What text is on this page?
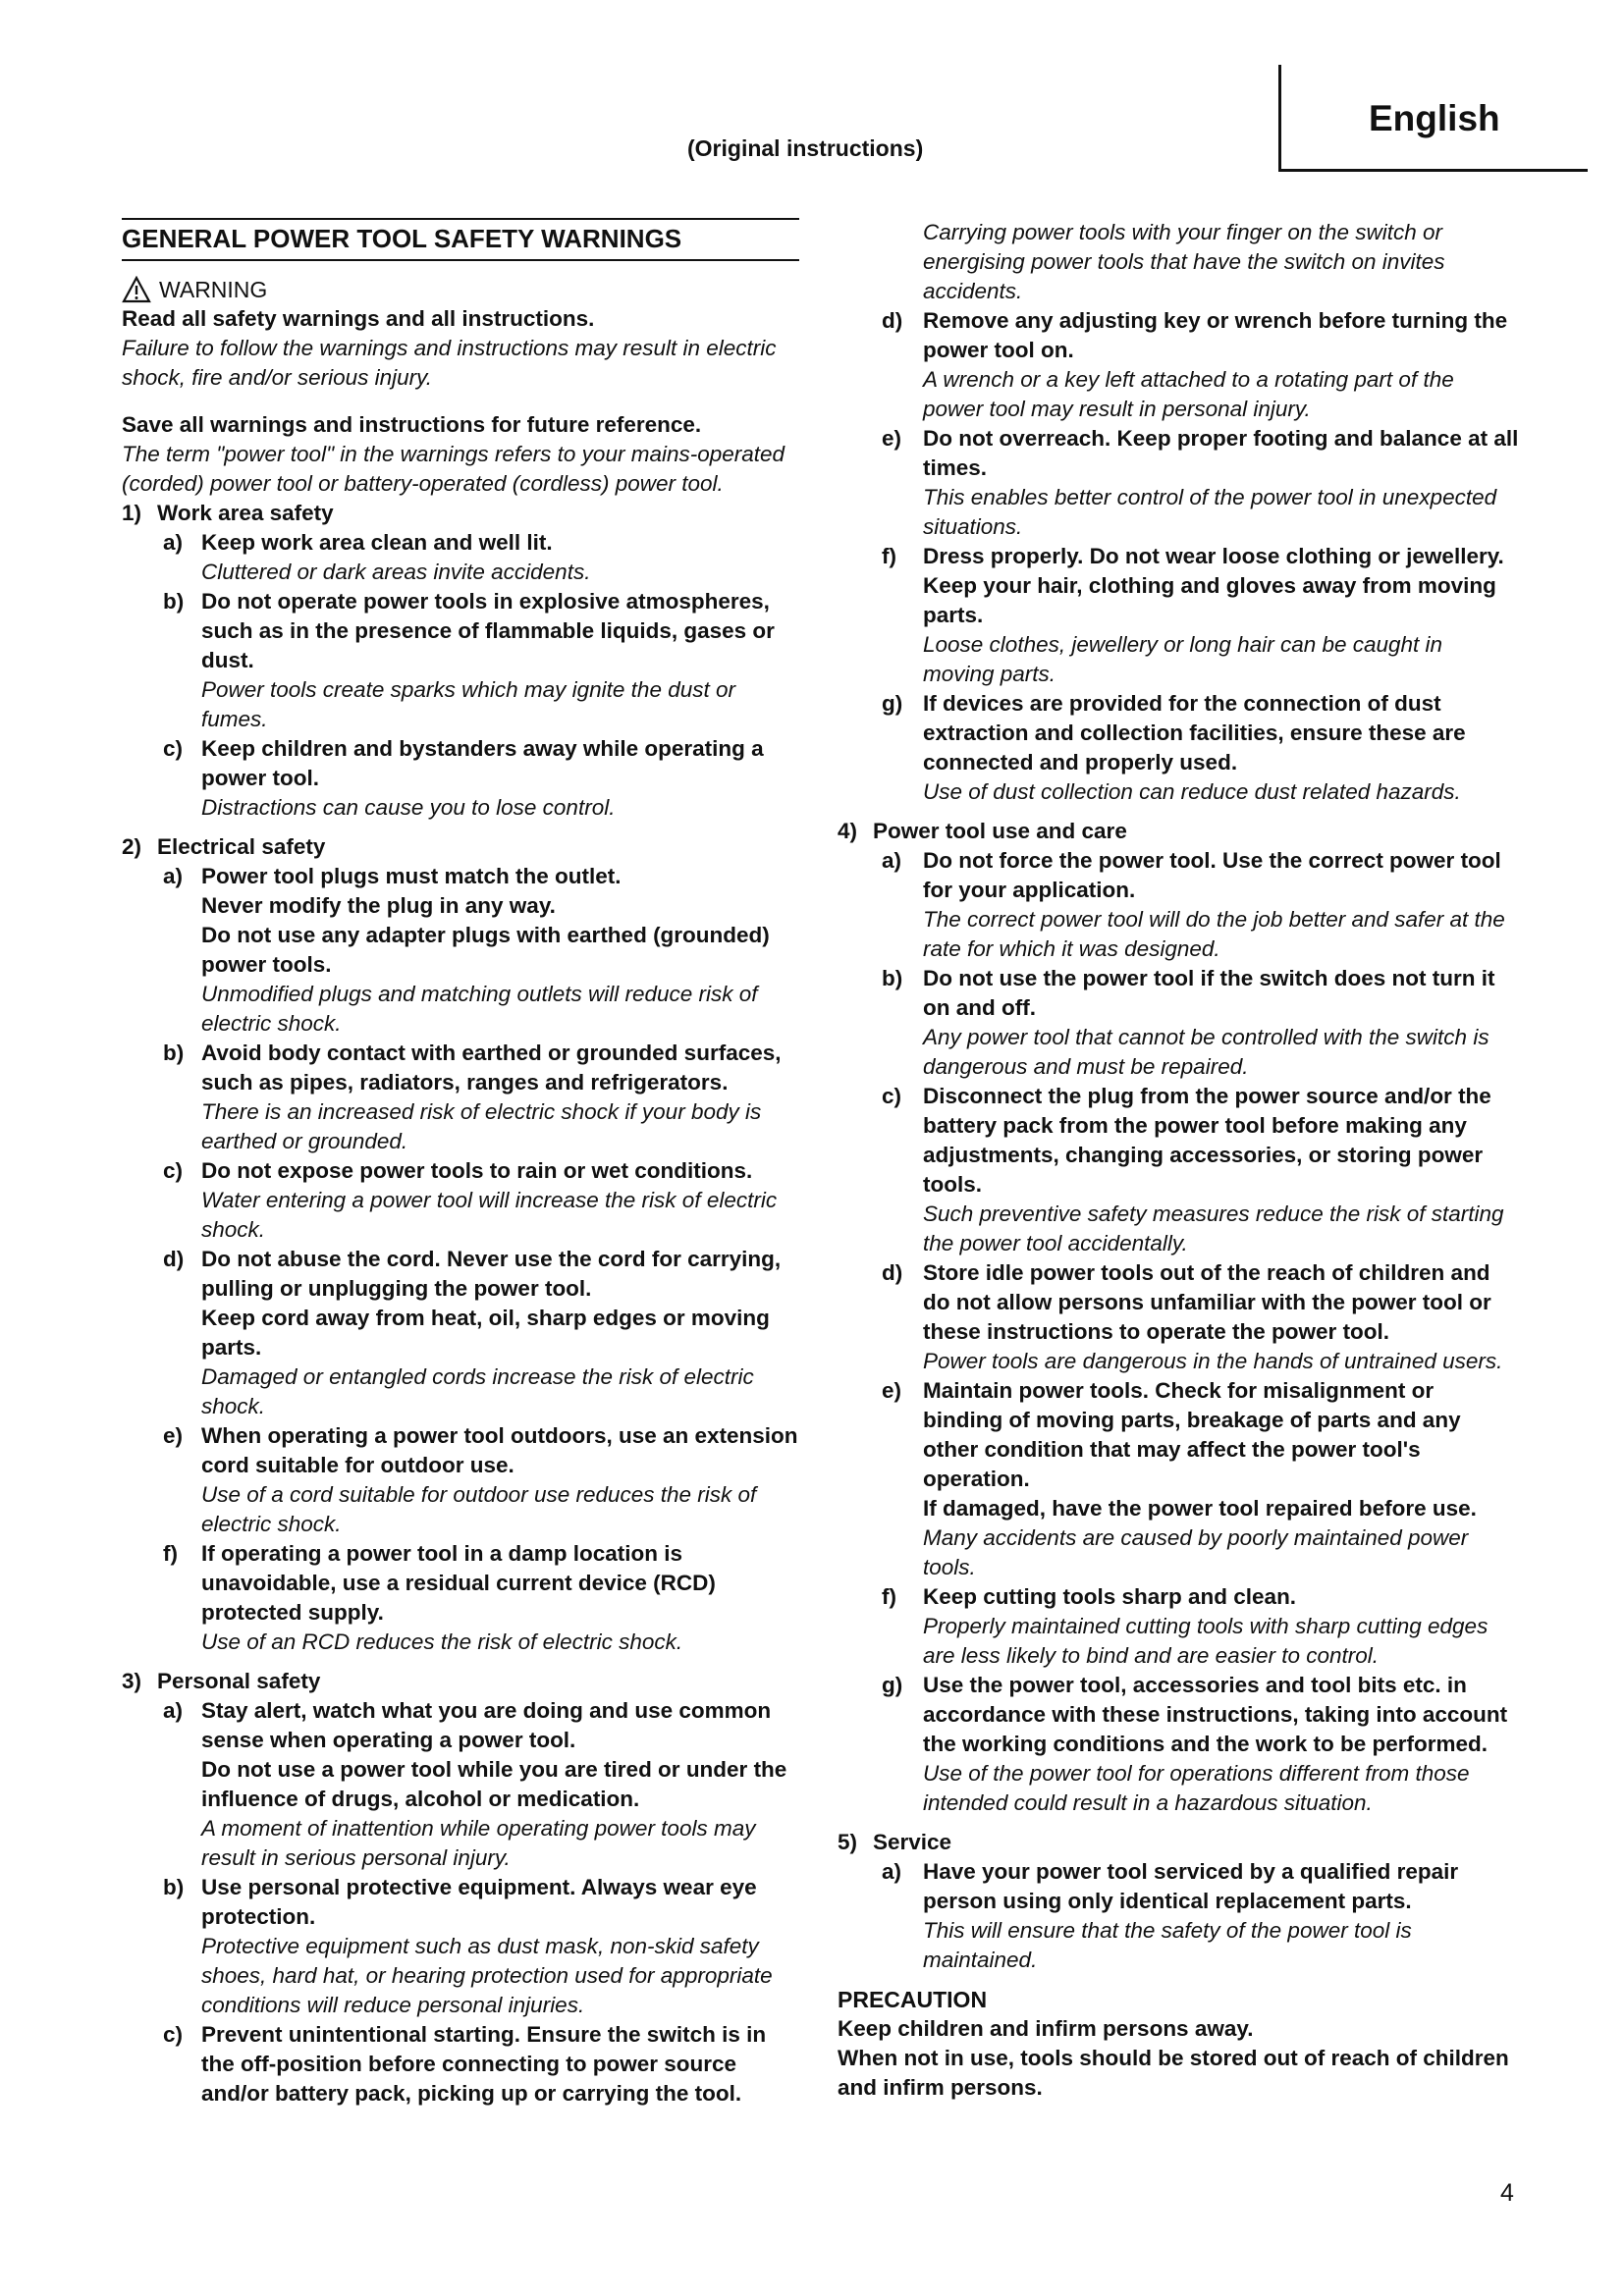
English
(Original instructions)
GENERAL POWER TOOL SAFETY WARNINGS
WARNING
Read all safety warnings and all instructions.
Failure to follow the warnings and instructions may result in electric shock, fire and/or serious injury.
Save all warnings and instructions for future reference.
The term "power tool" in the warnings refers to your mains-operated (corded) power tool or battery-operated (cordless) power tool.
1) Work area safety
a) Keep work area clean and well lit.
Cluttered or dark areas invite accidents.
b) Do not operate power tools in explosive atmospheres, such as in the presence of flammable liquids, gases or dust.
Power tools create sparks which may ignite the dust or fumes.
c) Keep children and bystanders away while operating a power tool.
Distractions can cause you to lose control.
2) Electrical safety
a) Power tool plugs must match the outlet.
Never modify the plug in any way.
Do not use any adapter plugs with earthed (grounded) power tools.
Unmodified plugs and matching outlets will reduce risk of electric shock.
b) Avoid body contact with earthed or grounded surfaces, such as pipes, radiators, ranges and refrigerators.
There is an increased risk of electric shock if your body is earthed or grounded.
c) Do not expose power tools to rain or wet conditions.
Water entering a power tool will increase the risk of electric shock.
d) Do not abuse the cord. Never use the cord for carrying, pulling or unplugging the power tool.
Keep cord away from heat, oil, sharp edges or moving parts.
Damaged or entangled cords increase the risk of electric shock.
e) When operating a power tool outdoors, use an extension cord suitable for outdoor use.
Use of a cord suitable for outdoor use reduces the risk of electric shock.
f) If operating a power tool in a damp location is unavoidable, use a residual current device (RCD) protected supply.
Use of an RCD reduces the risk of electric shock.
3) Personal safety
a) Stay alert, watch what you are doing and use common sense when operating a power tool.
Do not use a power tool while you are tired or under the influence of drugs, alcohol or medication.
A moment of inattention while operating power tools may result in serious personal injury.
b) Use personal protective equipment. Always wear eye protection.
Protective equipment such as dust mask, non-skid safety shoes, hard hat, or hearing protection used for appropriate conditions will reduce personal injuries.
c) Prevent unintentional starting. Ensure the switch is in the off-position before connecting to power source and/or battery pack, picking up or carrying the tool.
Carrying power tools with your finger on the switch or energising power tools that have the switch on invites accidents.
d) Remove any adjusting key or wrench before turning the power tool on.
A wrench or a key left attached to a rotating part of the power tool may result in personal injury.
e) Do not overreach. Keep proper footing and balance at all times.
This enables better control of the power tool in unexpected situations.
f) Dress properly. Do not wear loose clothing or jewellery. Keep your hair, clothing and gloves away from moving parts.
Loose clothes, jewellery or long hair can be caught in moving parts.
g) If devices are provided for the connection of dust extraction and collection facilities, ensure these are connected and properly used.
Use of dust collection can reduce dust related hazards.
4) Power tool use and care
a) Do not force the power tool. Use the correct power tool for your application.
The correct power tool will do the job better and safer at the rate for which it was designed.
b) Do not use the power tool if the switch does not turn it on and off.
Any power tool that cannot be controlled with the switch is dangerous and must be repaired.
c) Disconnect the plug from the power source and/or the battery pack from the power tool before making any adjustments, changing accessories, or storing power tools.
Such preventive safety measures reduce the risk of starting the power tool accidentally.
d) Store idle power tools out of the reach of children and do not allow persons unfamiliar with the power tool or these instructions to operate the power tool.
Power tools are dangerous in the hands of untrained users.
e) Maintain power tools. Check for misalignment or binding of moving parts, breakage of parts and any other condition that may affect the power tool's operation.
If damaged, have the power tool repaired before use.
Many accidents are caused by poorly maintained power tools.
f) Keep cutting tools sharp and clean.
Properly maintained cutting tools with sharp cutting edges are less likely to bind and are easier to control.
g) Use the power tool, accessories and tool bits etc. in accordance with these instructions, taking into account the working conditions and the work to be performed.
Use of the power tool for operations different from those intended could result in a hazardous situation.
5) Service
a) Have your power tool serviced by a qualified repair person using only identical replacement parts.
This will ensure that the safety of the power tool is maintained.
PRECAUTION
Keep children and infirm persons away.
When not in use, tools should be stored out of reach of children and infirm persons.
4
